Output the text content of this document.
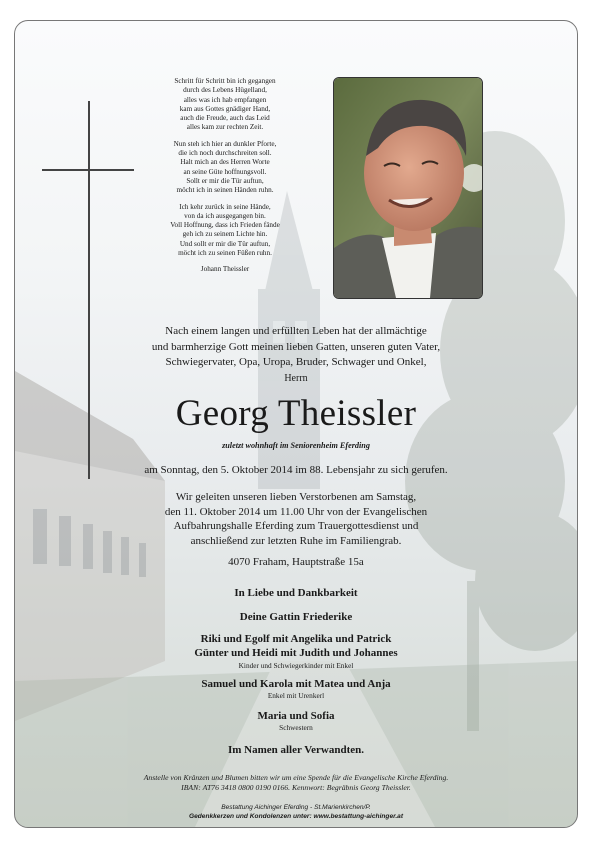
Schritt für Schritt bin ich gegangen
durch des Lebens Hügelland,
alles was ich hab empfangen
kam aus Gottes gnädiger Hand,
auch die Freude, auch das Leid
alles kam zur rechten Zeit.

Nun steh ich hier an dunkler Pforte,
die ich noch durchschreiten soll.
Halt mich an des Herren Worte
an seine Güte hoffnungsvoll.
Sollt er mir die Tür auftun,
möcht ich in seinen Händen ruhn.

Ich kehr zurück in seine Hände,
von da ich ausgegangen bin.
Voll Hoffnung, dass ich Frieden fände
geh ich zu seinem Lichte hin.
Und sollt er mir die Tür auftun,
möcht ich zu seinen Füßen ruhn.

Johann Theissler

Nach einem langen und erfüllten Leben hat der allmächtige
und barmherzige Gott meinen lieben Gatten, unseren guten Vater,
Schwiegervater, Opa, Uropa, Bruder, Schwager und Onkel,
Herrn
Georg Theissler
zuletzt wohnhaft im Seniorenheim Eferding
am Sonntag, den 5. Oktober 2014 im 88. Lebensjahr zu sich gerufen.
Wir geleiten unseren lieben Verstorbenen am Samstag,
den 11. Oktober 2014 um 11.00 Uhr von der Evangelischen
Aufbahrungshalle Eferding zum Trauergottesdienst und
anschließend zur letzten Ruhe im Familiengrab.
4070 Fraham, Hauptstraße 15a
In Liebe und Dankbarkeit
Deine Gattin Friederike
Riki und Egolf mit Angelika und Patrick
Günter und Heidi mit Judith und Johannes
Kinder und Schwiegerkinder mit Enkel
Samuel und Karola mit Matea und Anja
Enkel mit Urenkerl
Maria und Sofia
Schwestern
Im Namen aller Verwandten.
Anstelle von Kränzen und Blumen bitten wir um eine Spende für die Evangelische Kirche Eferding.
IBAN: AT76 3418 0800 0190 0166. Kennwort: Begräbnis Georg Theissler.
Bestattung Aichinger Eferding - St.Marienkirchen/P.
Gedenkkerzen und Kondolenzen unter: www.bestattung-aichinger.at
